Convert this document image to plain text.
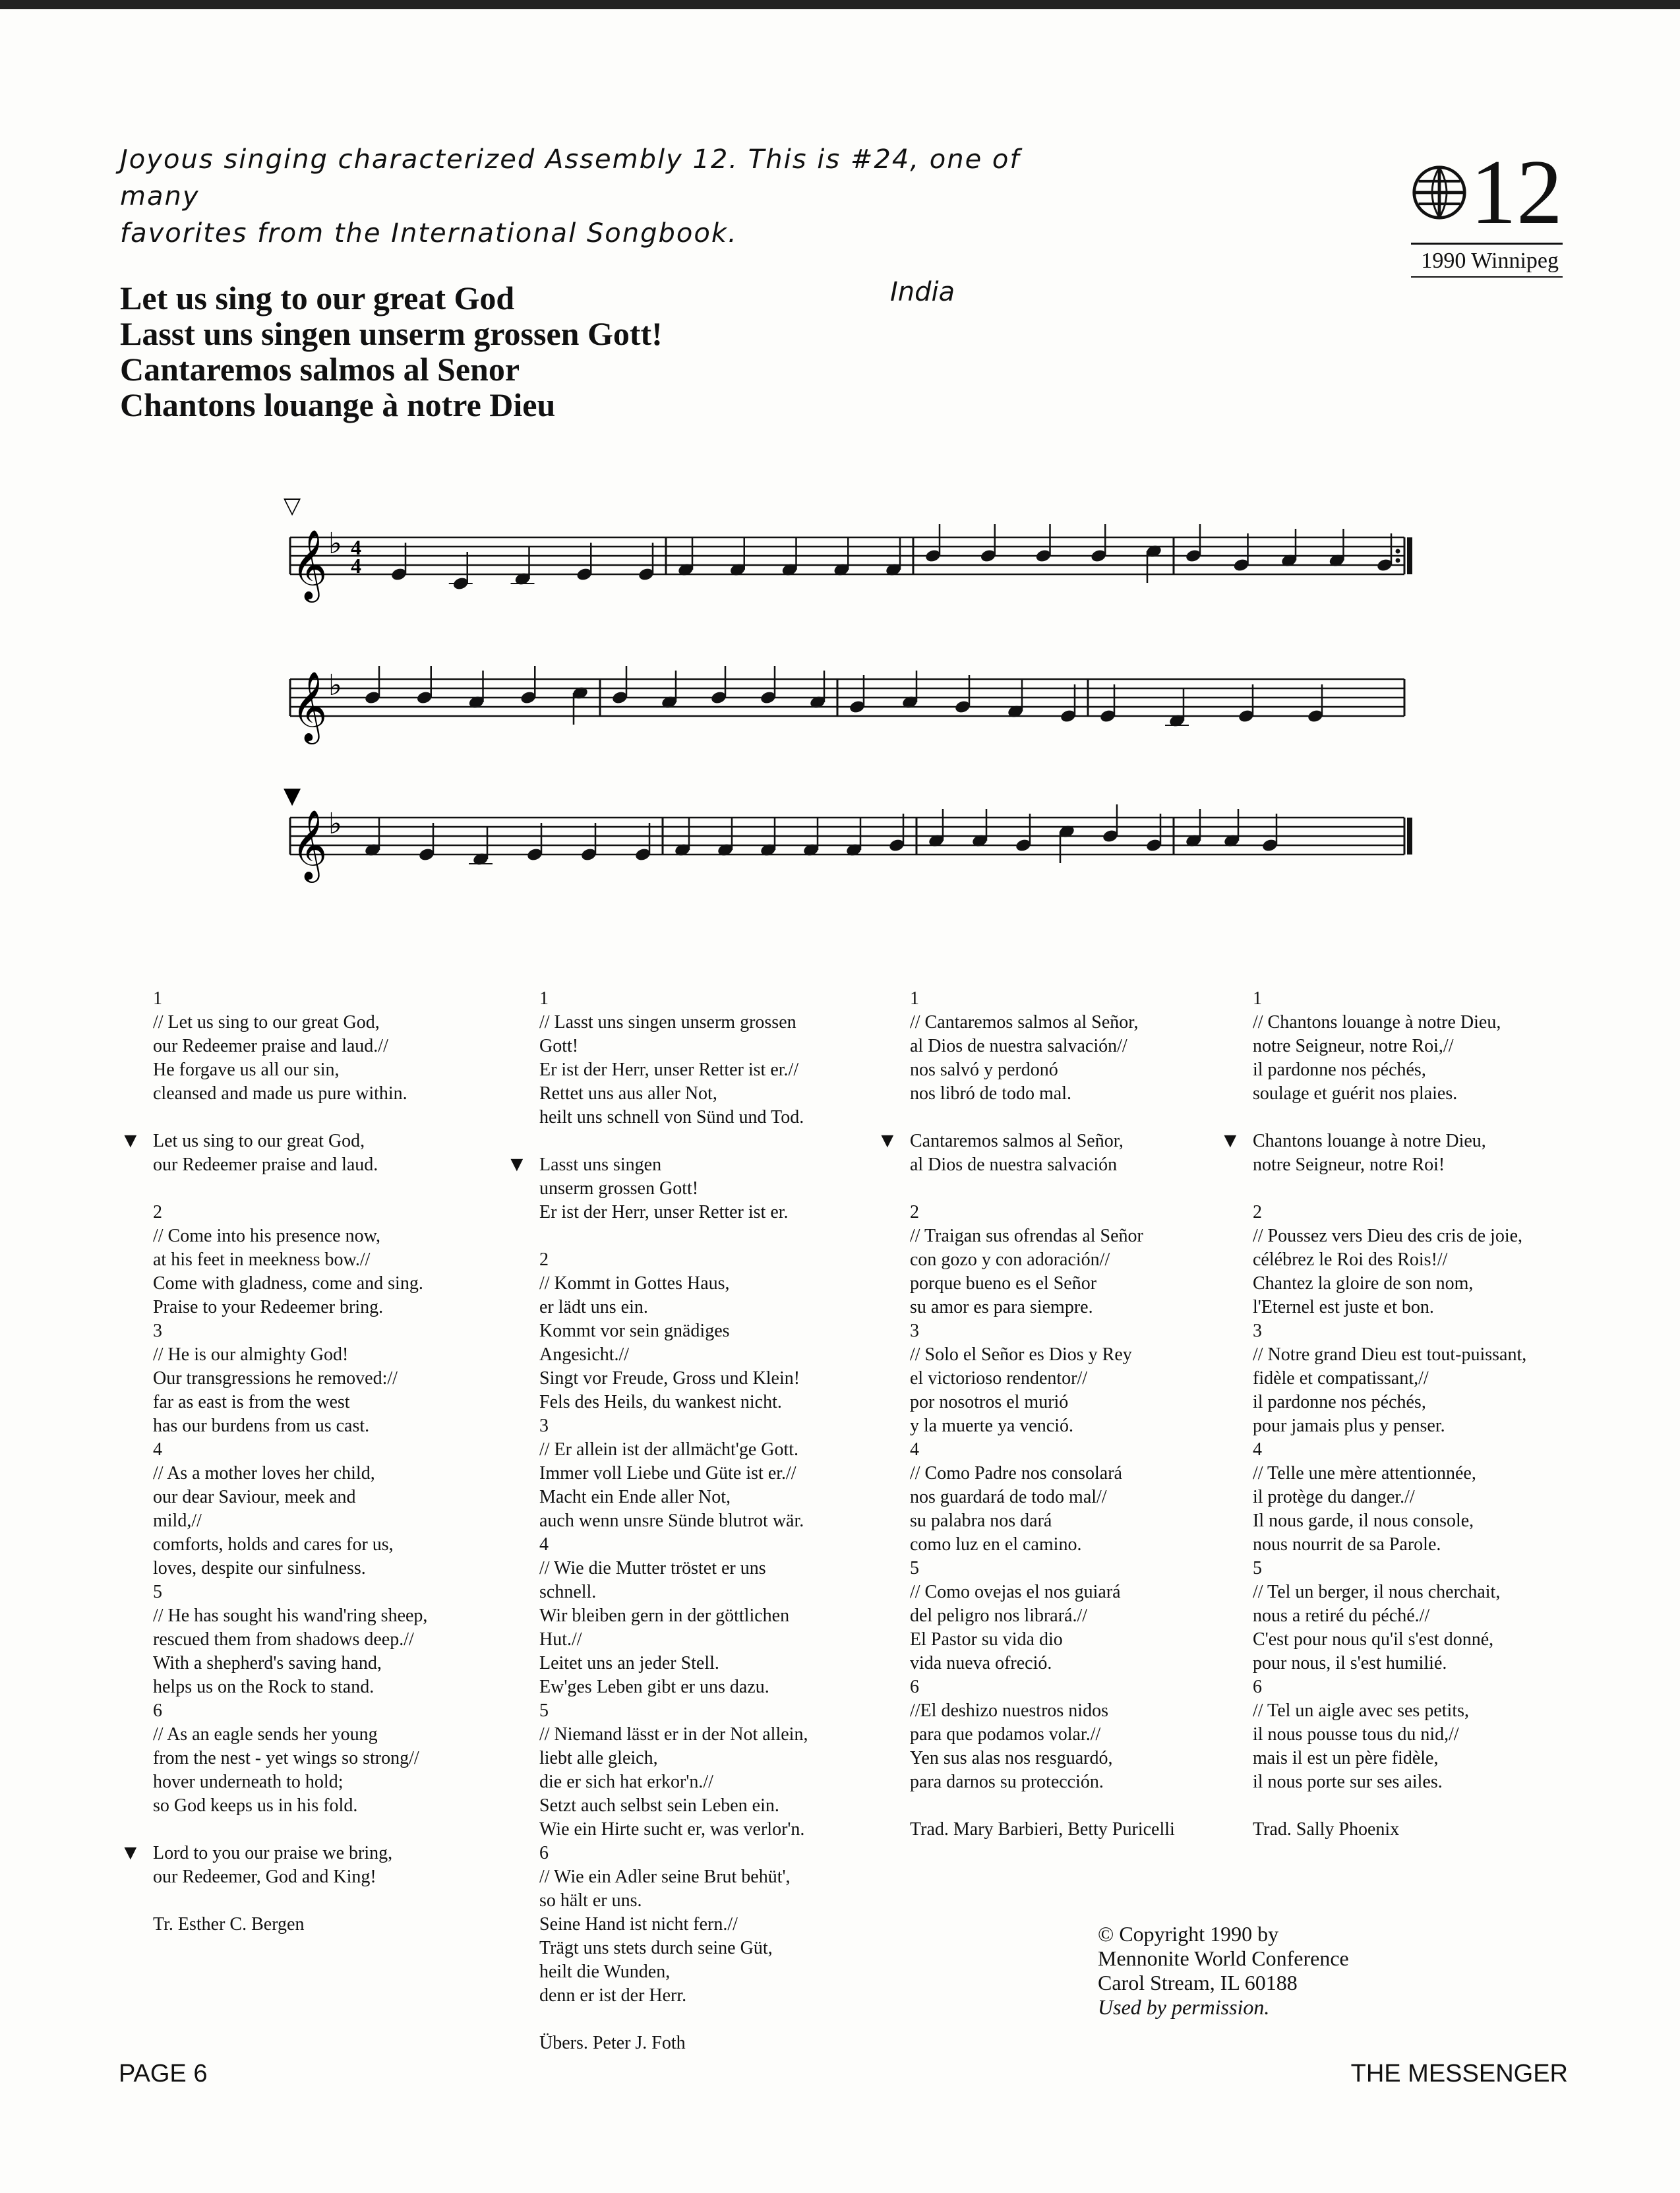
Joyous singing characterized Assembly 12. This is #24, one of many
favorites from the International Songbook.	12
1990 Winnipeg
Let us sing to our great God
Lasst uns singen unserm grossen Gott!
Cantaremos salmos al Senor
Chantons louange à notre Dieu
India
𝄞 ♭ 4
4
▽
𝄞 ♭
𝄞 ♭
▼
1
// Let us sing to our great God,
our Redeemer praise and laud.//
He forgave us all our sin,
cleansed and made us pure within.
▼ Let us sing to our great God,
our Redeemer praise and laud.
2
// Come into his presence now,
at his feet in meekness bow.//
Come with gladness, come and sing.
Praise to your Redeemer bring.
3
// He is our almighty God!
Our transgressions he removed://
far as east is from the west
has our burdens from us cast.
4
// As a mother loves her child,
our dear Saviour, meek and
mild,//
comforts, holds and cares for us,
loves, despite our sinfulness.
5
// He has sought his wand'ring sheep,
rescued them from shadows deep.//
With a shepherd's saving hand,
helps us on the Rock to stand.
6
// As an eagle sends her young
from the nest - yet wings so strong//
hover underneath to hold;
so God keeps us in his fold.
▼ Lord to you our praise we bring,
our Redeemer, God and King!
Tr. Esther C. Bergen
1
// Lasst uns singen unserm grossen
Gott!
Er ist der Herr, unser Retter ist er.//
Rettet uns aus aller Not,
heilt uns schnell von Sünd und Tod.
▼ Lasst uns singen
unserm grossen Gott!
Er ist der Herr, unser Retter ist er.
2
// Kommt in Gottes Haus,
er lädt uns ein.
Kommt vor sein gnädiges
Angesicht.//
Singt vor Freude, Gross und Klein!
Fels des Heils, du wankest nicht.
3
// Er allein ist der allmächt'ge Gott.
Immer voll Liebe und Güte ist er.//
Macht ein Ende aller Not,
auch wenn unsre Sünde blutrot wär.
4
// Wie die Mutter tröstet er uns
schnell.
Wir bleiben gern in der göttlichen
Hut.//
Leitet uns an jeder Stell.
Ew'ges Leben gibt er uns dazu.
5
// Niemand lässt er in der Not allein,
liebt alle gleich,
die er sich hat erkor'n.//
Setzt auch selbst sein Leben ein.
Wie ein Hirte sucht er, was verlor'n.
6
// Wie ein Adler seine Brut behüt',
so hält er uns.
Seine Hand ist nicht fern.//
Trägt uns stets durch seine Güt,
heilt die Wunden,
denn er ist der Herr.
Übers. Peter J. Foth
1
// Cantaremos salmos al Señor,
al Dios de nuestra salvación//
nos salvó y perdonó
nos libró de todo mal.
▼ Cantaremos salmos al Señor,
al Dios de nuestra salvación
2
// Traigan sus ofrendas al Señor
con gozo y con adoración//
porque bueno es el Señor
su amor es para siempre.
3
// Solo el Señor es Dios y Rey
el victorioso rendentor//
por nosotros el murió
y la muerte ya venció.
4
// Como Padre nos consolará
nos guardará de todo mal//
su palabra nos dará
como luz en el camino.
5
// Como ovejas el nos guiará
del peligro nos librará.//
El Pastor su vida dio
vida nueva ofreció.
6
//El deshizo nuestros nidos
para que podamos volar.//
Yen sus alas nos resguardó,
para darnos su protección.
Trad. Mary Barbieri, Betty Puricelli
1
// Chantons louange à notre Dieu,
notre Seigneur, notre Roi,//
il pardonne nos péchés,
soulage et guérit nos plaies.
▼ Chantons louange à notre Dieu,
notre Seigneur, notre Roi!
2
// Poussez vers Dieu des cris de joie,
célébrez le Roi des Rois!//
Chantez la gloire de son nom,
l'Eternel est juste et bon.
3
// Notre grand Dieu est tout-puissant,
fidèle et compatissant,//
il pardonne nos péchés,
pour jamais plus y penser.
4
// Telle une mère attentionnée,
il protège du danger.//
Il nous garde, il nous console,
nous nourrit de sa Parole.
5
// Tel un berger, il nous cherchait,
nous a retiré du péché.//
C'est pour nous qu'il s'est donné,
pour nous, il s'est humilié.
6
// Tel un aigle avec ses petits,
il nous pousse tous du nid,//
mais il est un père fidèle,
il nous porte sur ses ailes.
Trad. Sally Phoenix
© Copyright 1990 by
Mennonite World Conference
Carol Stream, IL 60188
Used by permission.
PAGE 6	THE MESSENGER
